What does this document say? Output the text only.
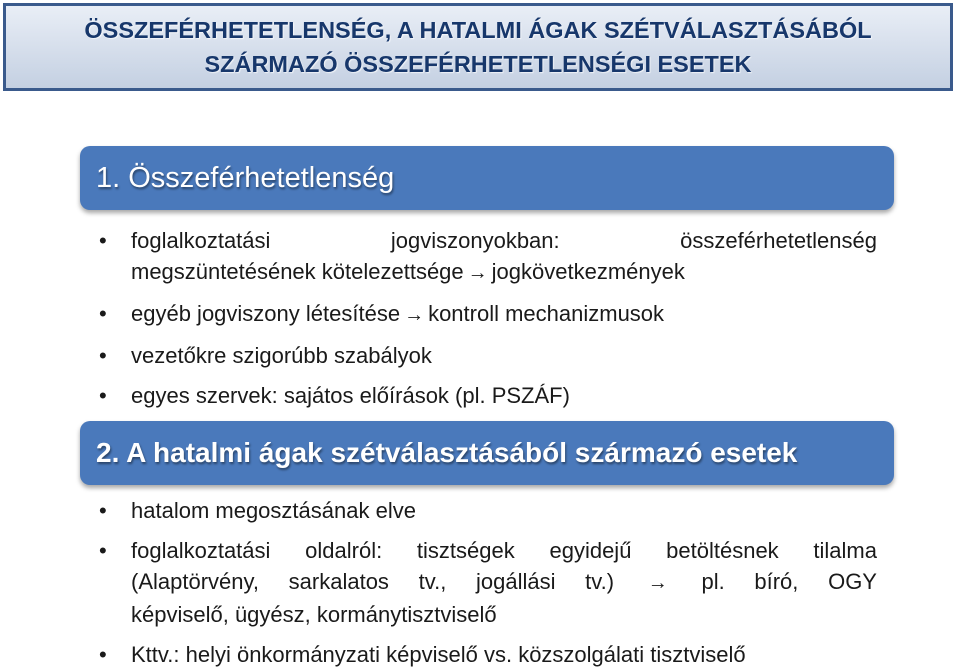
ÖSSZEFÉRHETETLENSÉG, A HATALMI ÁGAK SZÉTVÁLASZTÁSÁBÓL
SZÁRMAZÓ ÖSSZEFÉRHETETLENSÉGI ESETEK
1. Összeférhetetlenség
• foglalkoztatási jogviszonyokban: összeférhetetlenség
megszüntetésének kötelezettsége → jogkövetkezmények
• egyéb jogviszony létesítése → kontroll mechanizmusok
• vezetőkre szigorúbb szabályok
• egyes szervek: sajátos előírások (pl. PSZÁF)
2. A hatalmi ágak szétválasztásából származó esetek
• hatalom megosztásának elve
• foglalkoztatási oldalról: tisztségek egyidejű betöltésnek tilalma
(Alaptörvény, sarkalatos tv., jogállási tv.) → pl. bíró, OGY
képviselő, ügyész, kormánytisztviselő
• Kttv.: helyi önkormányzati képviselő vs. közszolgálati tisztviselő
